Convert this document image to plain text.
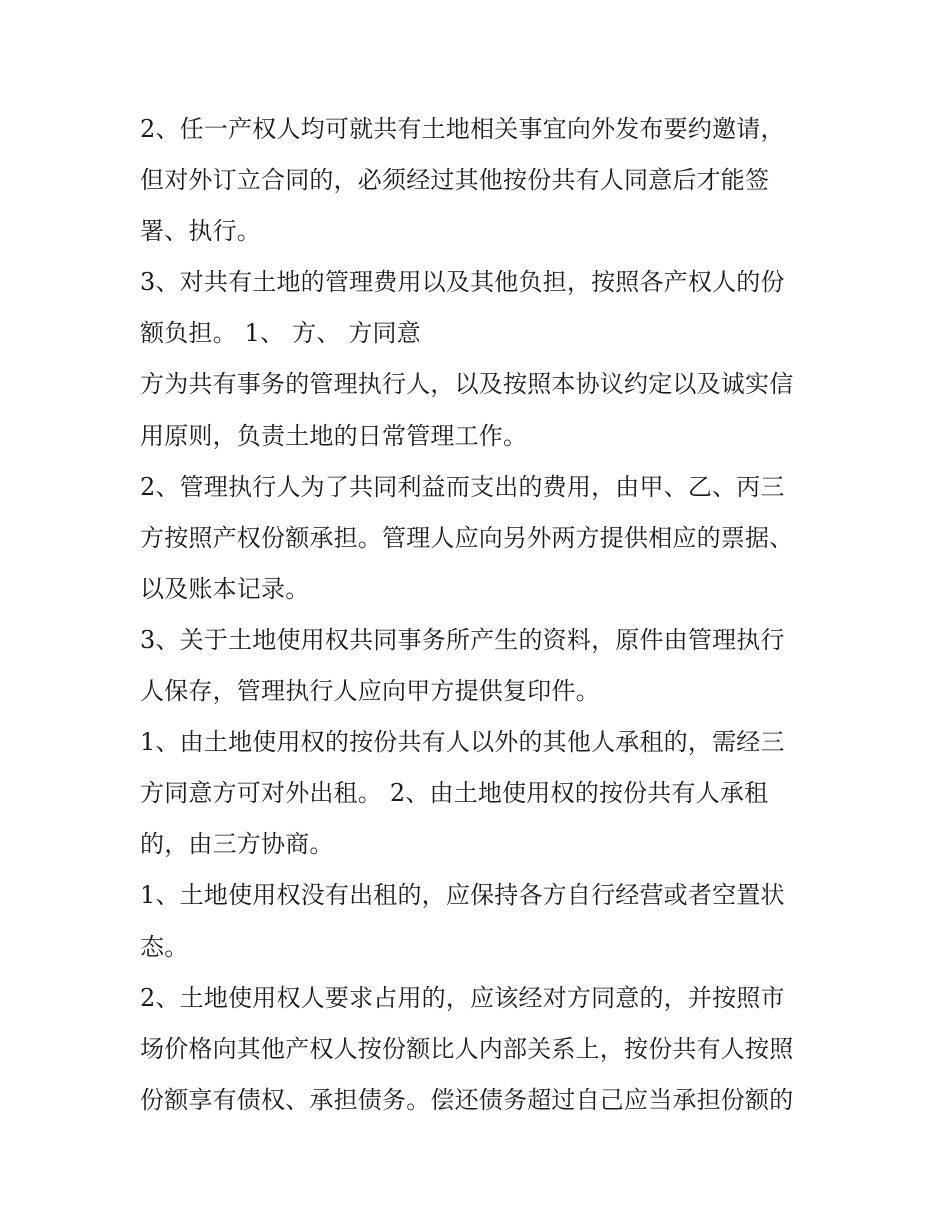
2、任一产权人均可就共有土地相关事宜向外发布要约邀请，
但对外订立合同的，必须经过其他按份共有人同意后才能签
署、执行。
3、对共有土地的管理费用以及其他负担，按照各产权人的份
额负担。 1、 方、 方同意
方为共有事务的管理执行人，以及按照本协议约定以及诚实信
用原则，负责土地的日常管理工作。
2、管理执行人为了共同利益而支出的费用，由甲、乙、丙三
方按照产权份额承担。管理人应向另外两方提供相应的票据、
以及账本记录。
3、关于土地使用权共同事务所产生的资料，原件由管理执行
人保存，管理执行人应向甲方提供复印件。
1、由土地使用权的按份共有人以外的其他人承租的，需经三
方同意方可对外出租。 2、由土地使用权的按份共有人承租
的，由三方协商。
1、土地使用权没有出租的，应保持各方自行经营或者空置状
态。
2、土地使用权人要求占用的，应该经对方同意的，并按照市
场价格向其他产权人按份额比人内部关系上，按份共有人按照
份额享有债权、承担债务。偿还债务超过自己应当承担份额的
